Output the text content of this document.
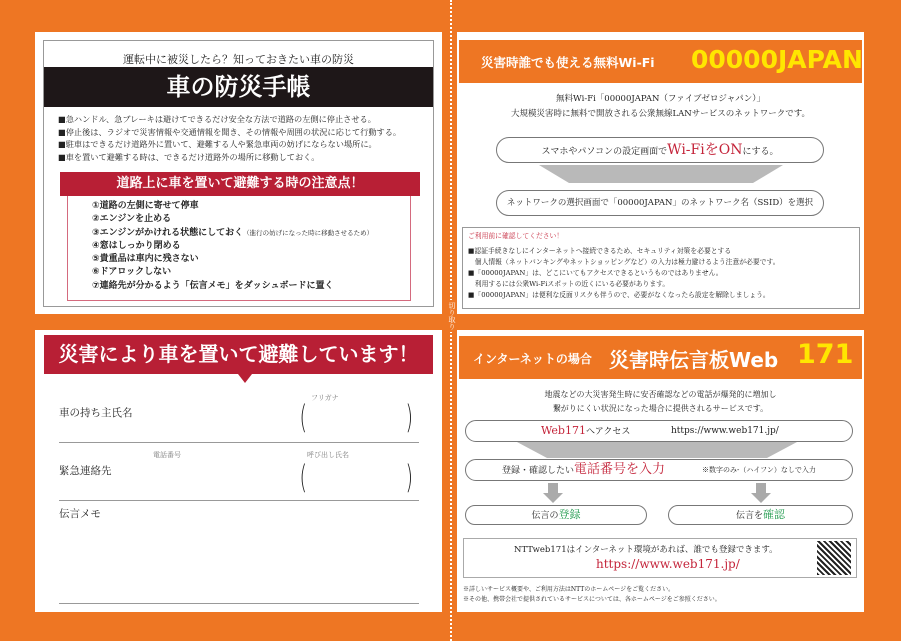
切り取り
運転中に被災したら？知っておきたい車の防災
車の防災手帳
■急ハンドル、急ブレーキは避けてできるだけ安全な方法で道路の左側に停止させる。
■停止後は、ラジオで災害情報や交通情報を聞き、その情報や周囲の状況に応じて行動する。
■駐車はできるだけ道路外に置いて、避難する人や緊急車両の妨げにならない場所に。
■車を置いて避難する時は、できるだけ道路外の場所に移動しておく。
道路上に車を置いて避難する時の注意点！
①道路の左側に寄せて停車
②エンジンを止める
③エンジンがかけれる状態にしておく（進行の妨げになった時に移動させるため）
④窓はしっかり閉める
⑤貴重品は車内に残さない
⑥ドアロックしない
⑦連絡先が分かるよう「伝言メモ」をダッシュボードに置く
災害により車を置いて避難しています！
車の持ち主氏名
フリガナ
(	)
電話番号	呼び出し氏名
緊急連絡先	(	)
伝言メモ
災害時誰でも使える無料Wi-Fi 00000JAPAN
無料Wi-Fi「00000JAPAN（ファイブゼロジャパン）」
大規模災害時に無料で開放される公衆無線LANサービスのネットワークです。
スマホやパソコンの設定画面でWi-FiをONにする。
ネットワークの選択画面で「00000JAPAN」のネットワーク名（SSID）を選択
ご利用前に確認してください！
■認証手続きなしにインターネットへ接続できるため、セキュリティ対策を必要とする
　個人情報（ネットバンキングやネットショッピングなど）の入力は極力避けるよう注意が必要です。
■「00000JAPAN」は、どこにいてもアクセスできるというものではありません。
　利用するには公衆Wi-Fiスポットの近くにいる必要があります。
■「00000JAPAN」は便利な反面リスクも伴うので、必要がなくなったら設定を解除しましょう。
インターネットの場合 災害時伝言板Web 171
地震などの大災害発生時に安否確認などの電話が爆発的に増加し
繋がりにくい状況になった場合に提供されるサービスです。
Web171へアクセス	https://www.web171.jp/
登録・確認したい電話番号を入力	※数字のみ-（ハイフン）なしで入力
伝言の登録	伝言を確認
NTTweb171はインターネット環境があれば、誰でも登録できます。
https://www.web171.jp/
※詳しいサービス概要や、ご利用方法はNTTのホームページをご覧ください。
※その他、携帯会社で提供されているサービスについては、各ホームページをご参照ください。
